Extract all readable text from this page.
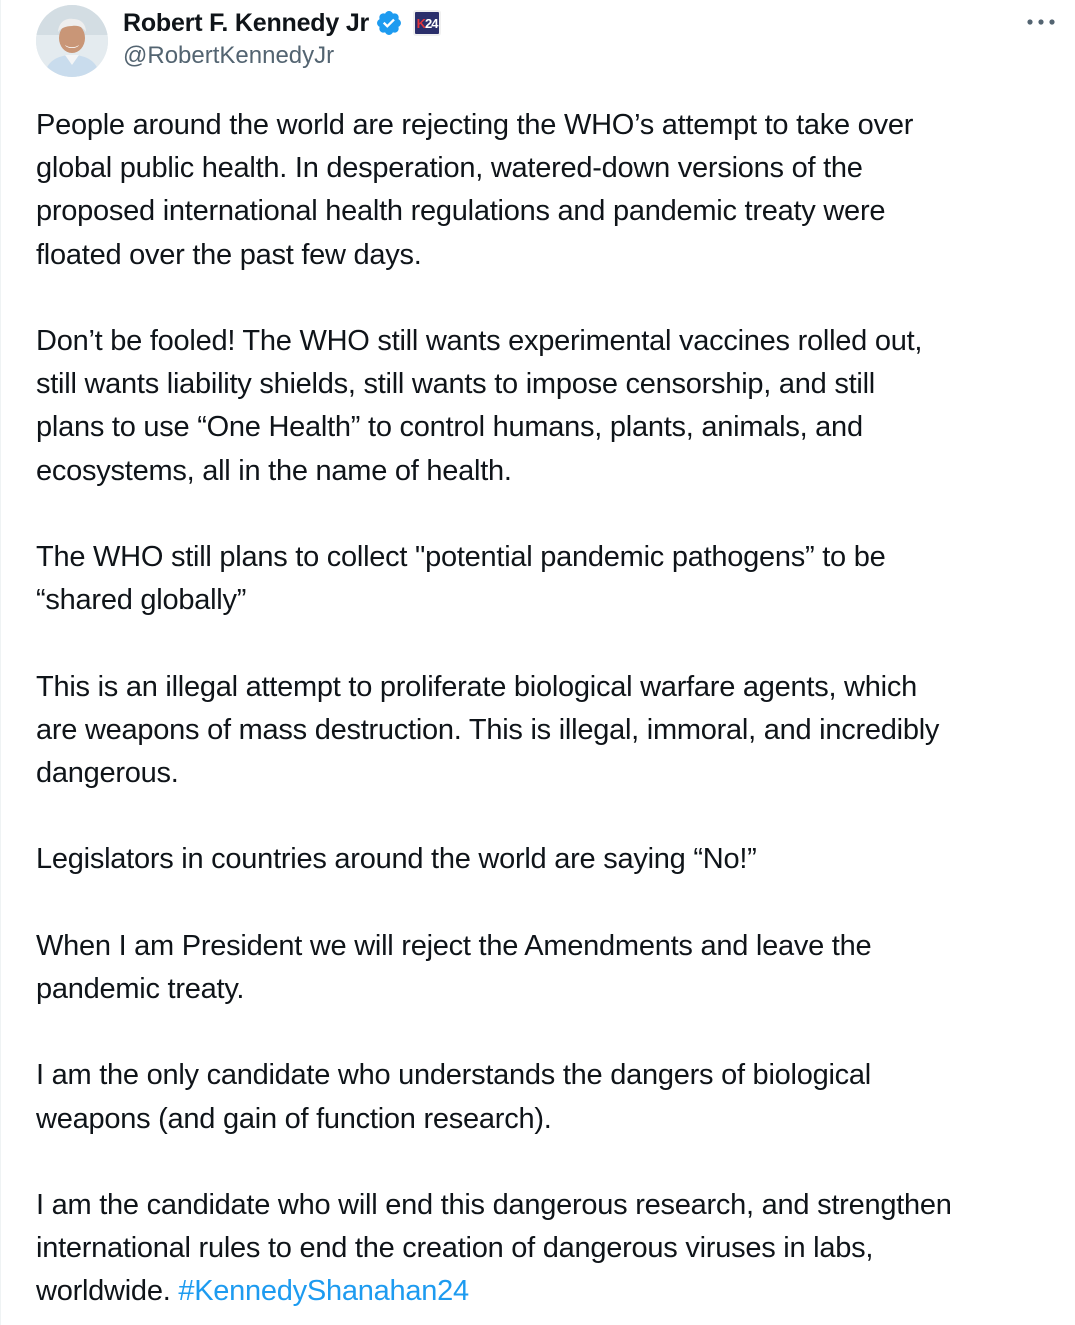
Robert F. Kennedy Jr	K 24
@RobertKennedyJr

People around the world are rejecting the WHO’s attempt to take over
global public health. In desperation, watered-down versions of the
proposed international health regulations and pandemic treaty were
floated over the past few days.

Don’t be fooled! The WHO still wants experimental vaccines rolled out,
still wants liability shields, still wants to impose censorship, and still
plans to use “One Health” to control humans, plants, animals, and
ecosystems, all in the name of health.

The WHO still plans to collect "potential pandemic pathogens” to be
“shared globally”

This is an illegal attempt to proliferate biological warfare agents, which
are weapons of mass destruction. This is illegal, immoral, and incredibly
dangerous.

Legislators in countries around the world are saying “No!”

When I am President we will reject the Amendments and leave the
pandemic treaty.

I am the only candidate who understands the dangers of biological
weapons (and gain of function research).

I am the candidate who will end this dangerous research, and strengthen
international rules to end the creation of dangerous viruses in labs,
worldwide. #KennedyShanahan24
